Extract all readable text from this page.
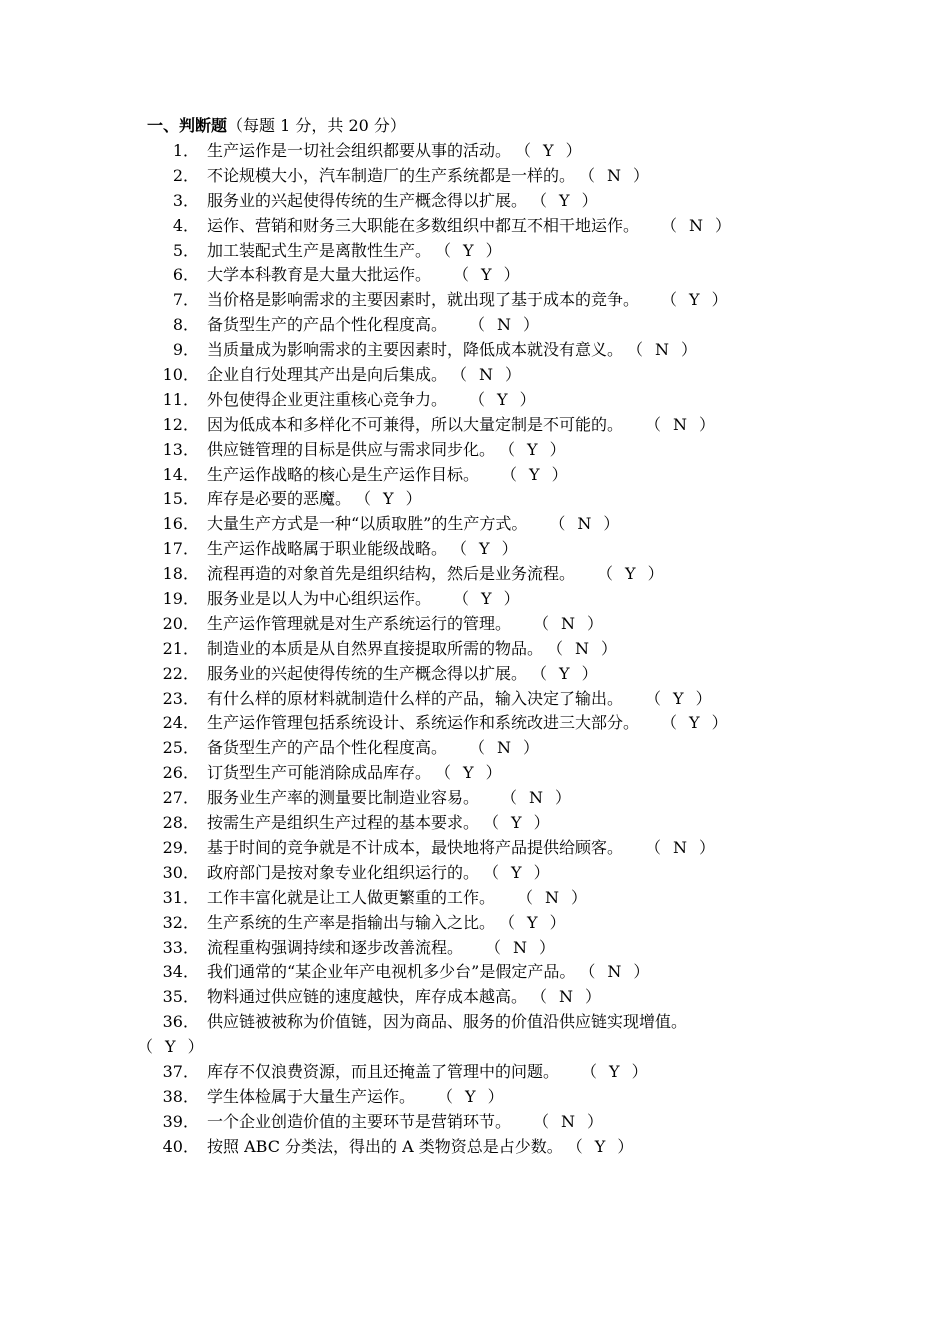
一、判断题（每题 1 分，共 20 分）
1． 生产运作是一切社会组织都要从事的活动。 （ Y ）
2． 不论规模大小，汽车制造厂的生产系统都是一样的。 （ N ）
3． 服务业的兴起使得传统的生产概念得以扩展。 （ Y ）
4． 运作、营销和财务三大职能在多数组织中都互不相干地运作。 （ N ）
5． 加工装配式生产是离散性生产。 （ Y ）
6． 大学本科教育是大量大批运作。 （ Y ）
7． 当价格是影响需求的主要因素时，就出现了基于成本的竞争。 （ Y ）
8． 备货型生产的产品个性化程度高。 （ N ）
9． 当质量成为影响需求的主要因素时，降低成本就没有意义。 （ N ）
10． 企业自行处理其产出是向后集成。 （ N ）
11． 外包使得企业更注重核心竞争力。 （ Y ）
12． 因为低成本和多样化不可兼得，所以大量定制是不可能的。 （ N ）
13． 供应链管理的目标是供应与需求同步化。 （ Y ）
14． 生产运作战略的核心是生产运作目标。 （ Y ）
15． 库存是必要的恶魔。 （ Y ）
16． 大量生产方式是一种“以质取胜”的生产方式。 （ N ）
17． 生产运作战略属于职业能级战略。 （ Y ）
18． 流程再造的对象首先是组织结构，然后是业务流程。 （ Y ）
19． 服务业是以人为中心组织运作。 （ Y ）
20． 生产运作管理就是对生产系统运行的管理。 （ N ）
21． 制造业的本质是从自然界直接提取所需的物品。 （ N ）
22． 服务业的兴起使得传统的生产概念得以扩展。 （ Y ）
23． 有什么样的原材料就制造什么样的产品，输入决定了输出。 （ Y ）
24． 生产运作管理包括系统设计、系统运作和系统改进三大部分。 （ Y ）
25． 备货型生产的产品个性化程度高。 （ N ）
26． 订货型生产可能消除成品库存。 （ Y ）
27． 服务业生产率的测量要比制造业容易。 （ N ）
28． 按需生产是组织生产过程的基本要求。 （ Y ）
29． 基于时间的竞争就是不计成本，最快地将产品提供给顾客。 （ N ）
30． 政府部门是按对象专业化组织运行的。 （ Y ）
31． 工作丰富化就是让工人做更繁重的工作。 （ N ）
32． 生产系统的生产率是指输出与输入之比。 （ Y ）
33． 流程重构强调持续和逐步改善流程。 （ N ）
34． 我们通常的“某企业年产电视机多少台”是假定产品。 （ N ）
35． 物料通过供应链的速度越快，库存成本越高。 （ N ）
36． 供应链被被称为价值链，因为商品、服务的价值沿供应链实现增值。
（ Y ）
37． 库存不仅浪费资源，而且还掩盖了管理中的问题。 （ Y ）
38． 学生体检属于大量生产运作。 （ Y ）
39． 一个企业创造价值的主要环节是营销环节。 （ N ）
40． 按照 ABC 分类法，得出的 A 类物资总是占少数。 （ Y ）
